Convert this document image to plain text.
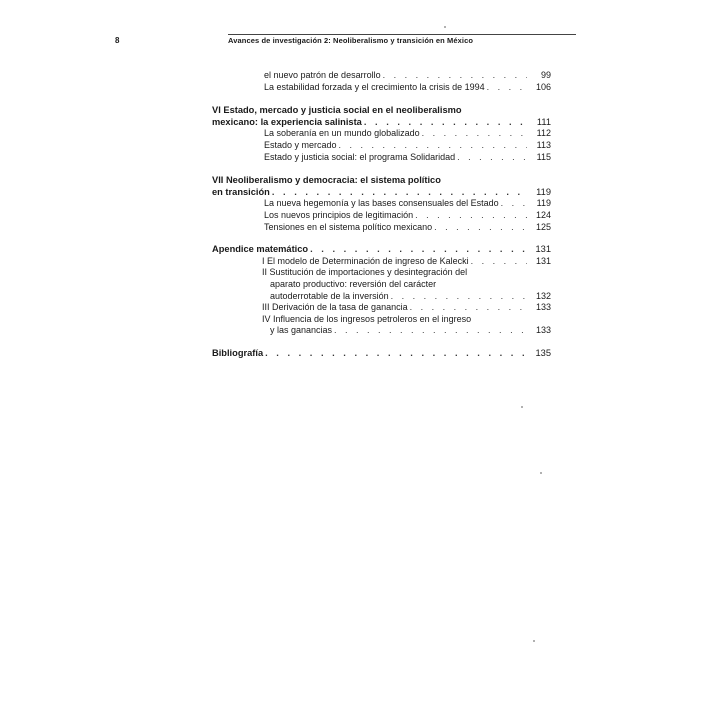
8	Avances de investigación 2: Neoliberalismo y transición en México
el nuevo patrón de desarrollo . . .	99
La estabilidad forzada y el crecimiento la crisis de 1994 . . .	106
VI Estado, mercado y justicia social en el neoliberalismo
mexicano: la experiencia salinista . . .	111
La soberanía en un mundo globalizado . . .	112
Estado y mercado . . .	113
Estado y justicia social: el programa Solidaridad . . .	115
VII Neoliberalismo y democracia: el sistema político
en transición . . .	119
La nueva hegemonía y las bases consensuales del Estado . . .	119
Los nuevos principios de legitimación . . .	124
Tensiones en el sistema político mexicano . . .	125
Apendice matemático . . .	131
I El modelo de Determinación de ingreso de Kalecki . . .	131
II Sustitución de importaciones y desintegración del
aparato productivo: reversión del carácter
autoderrotable de la inversión . . .	132
III Derivación de la tasa de ganancia . . .	133
IV Influencia de los ingresos petroleros en el ingreso
y las ganancias . . .	133
Bibliografía . . .	135
